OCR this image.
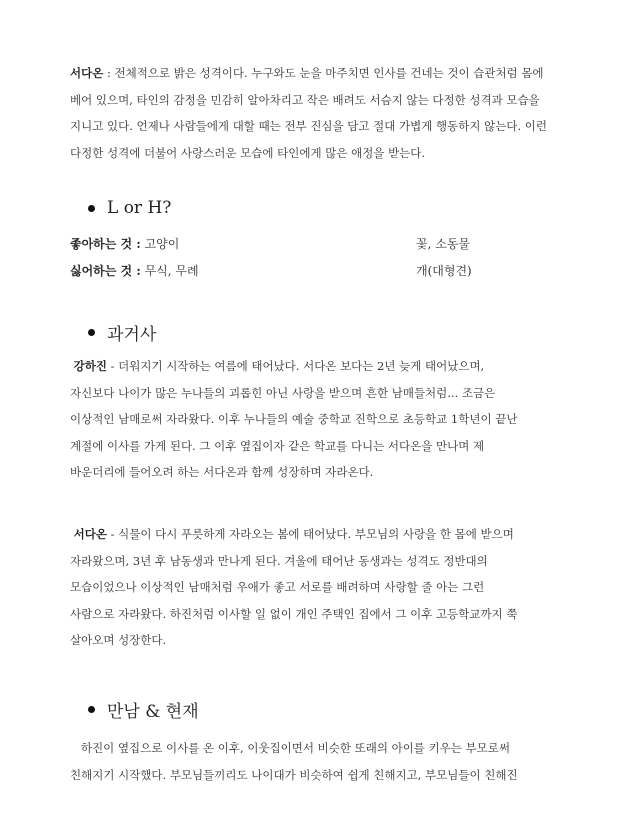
서다온 : 전체적으로 밝은 성격이다. 누구와도 눈을 마주치면 인사를 건네는 것이 습관처럼 몸에
베어 있으며, 타인의 감정을 민감히 알아차리고 작은 배려도 서슴지 않는 다정한 성격과 모습을
지니고 있다. 언제나 사람들에게 대할 때는 전부 진심을 담고 절대 가볍게 행동하지 않는다. 이런
다정한 성격에 더불어 사랑스러운 모습에 타인에게 많은 애정을 받는다.
L or H?
좋아하는 것 : 고양이	꽃, 소동물
싫어하는 것 : 무식, 무례	개(대형견)
과거사
강하진 - 더워지기 시작하는 여름에 태어났다. 서다온 보다는 2년 늦게 태어났으며,
자신보다 나이가 많은 누나들의 괴롭힌 아닌 사랑을 받으며 흔한 남매들처럼... 조금은
이상적인 남매로써 자라왔다. 이후 누나들의 예술 중학교 진학으로 초등학교 1학년이 끝난
계절에 이사를 가게 된다. 그 이후 옆집이자 같은 학교를 다니는 서다온을 만나며 제
바운더리에 들어오려 하는 서다온과 함께 성장하며 자라온다.
서다온 - 식물이 다시 푸릇하게 자라오는 봄에 태어났다. 부모님의 사랑을 한 몸에 받으며
자라왔으며, 3년 후 남동생과 만나게 된다. 겨울에 태어난 동생과는 성격도 정반대의
모습이었으나 이상적인 남매처럼 우애가 좋고 서로를 배려하며 사랑할 줄 아는 그런
사람으로 자라왔다. 하진처럼 이사할 일 없이 개인 주택인 집에서 그 이후 고등학교까지 쭉
살아오며 성장한다.
만남 & 현재
하진이 옆집으로 이사를 온 이후, 이웃집이면서 비슷한 또래의 아이를 키우는 부모로써
친해지기 시작했다. 부모님들끼리도 나이대가 비슷하여 쉽게 친해지고, 부모님들이 친해진
